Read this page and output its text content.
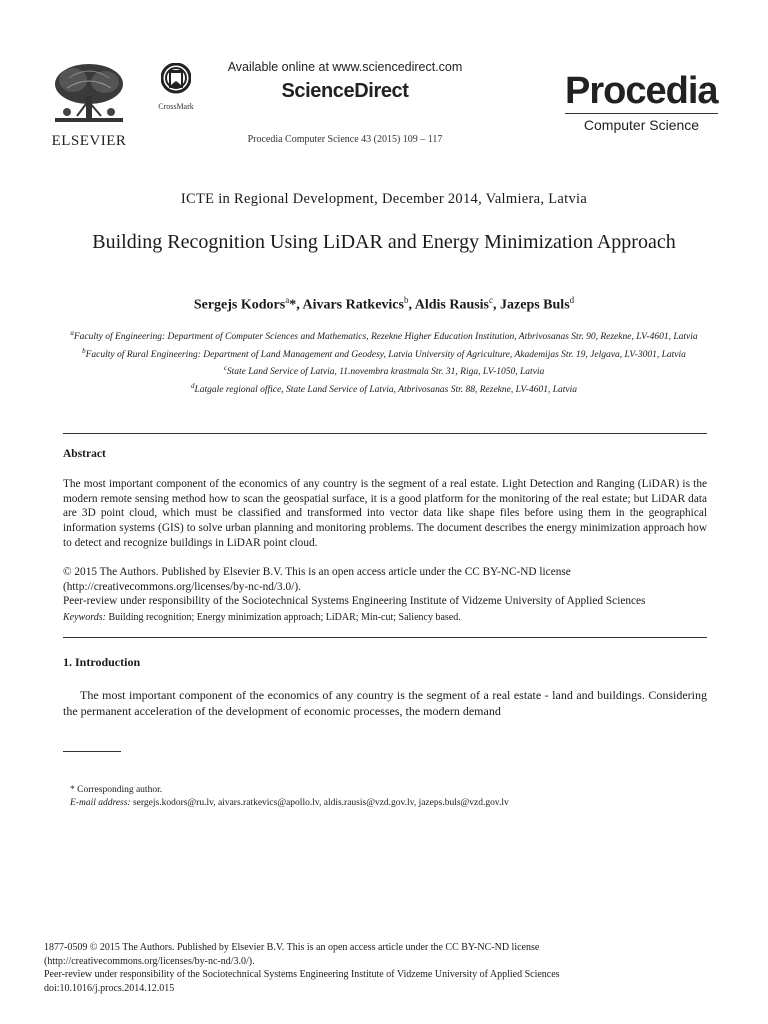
ELSEVIER
CrossMark
Available online at www.sciencedirect.com
ScienceDirect
Procedia Computer Science 43 (2015) 109 – 117
Procedia
Computer Science
ICTE in Regional Development, December 2014, Valmiera, Latvia
Building Recognition Using LiDAR and Energy Minimization Approach
Sergejs Kodors$^a$*, Aivars Ratkevics$^b$, Aldis Rausis$^c$, Jazeps Buls$^d$
$^a$Faculty of Engineering: Department of Computer Sciences and Mathematics, Rezekne Higher Education Institution, Atbrivosanas Str. 90, Rezekne, LV-4601, Latvia
$^b$Faculty of Rural Engineering: Department of Land Management and Geodesy, Latvia University of Agriculture, Akademijas Str. 19, Jelgava, LV-3001, Latvia
$^c$State Land Service of Latvia, 11.novembra krastmala Str. 31, Riga, LV-1050, Latvia
$^d$Latgale regional office, State Land Service of Latvia, Atbrivosanas Str. 88, Rezekne, LV-4601, Latvia
Abstract
The most important component of the economics of any country is the segment of a real estate. Light Detection and Ranging (LiDAR) is the modern remote sensing method how to scan the geospatial surface, it is a good platform for the monitoring of the real estate; but LiDAR data are 3D point cloud, which must be classified and transformed into vector data like shape files before using them in the geographical information systems (GIS) to solve urban planning and monitoring problems. The document describes the energy minimization approach how to detect and recognize buildings in LiDAR point cloud.
© 2015 The Authors. Published by Elsevier B.V. This is an open access article under the CC BY-NC-ND license
(http://creativecommons.org/licenses/by-nc-nd/3.0/).
Peer-review under responsibility of the Sociotechnical Systems Engineering Institute of Vidzeme University of Applied Sciences
Keywords: Building recognition; Energy minimization approach; LiDAR; Min-cut; Saliency based.
1. Introduction
The most important component of the economics of any country is the segment of a real estate - land and buildings. Considering the permanent acceleration of the development of economic processes, the modern demand
* Corresponding author.
E-mail address: sergejs.kodors@ru.lv, aivars.ratkevics@apollo.lv, aldis.rausis@vzd.gov.lv, jazeps.buls@vzd.gov.lv
1877-0509 © 2015 The Authors. Published by Elsevier B.V. This is an open access article under the CC BY-NC-ND license
(http://creativecommons.org/licenses/by-nc-nd/3.0/).
Peer-review under responsibility of the Sociotechnical Systems Engineering Institute of Vidzeme University of Applied Sciences
doi:10.1016/j.procs.2014.12.015
